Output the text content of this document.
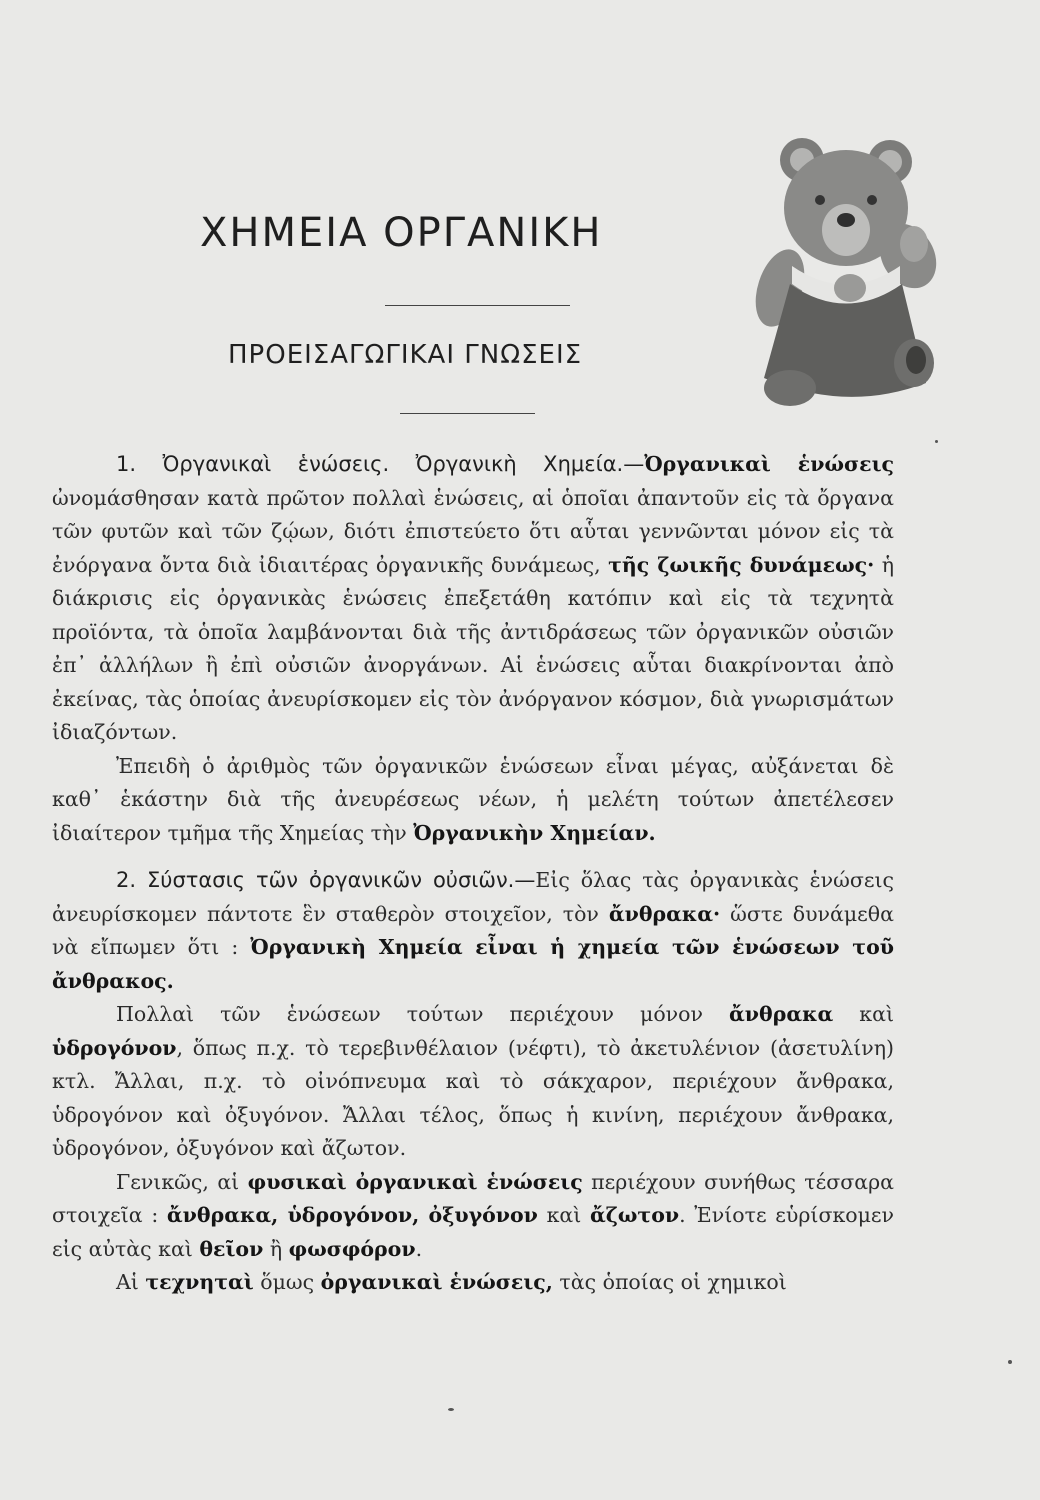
ΧΗΜΕΙΑ ΟΡΓΑΝΙΚΗ
ΠΡΟΕΙΣΑΓΩΓΙΚΑΙ ΓΝΩΣΕΙΣ

1. Ὀργανικαὶ ἑνώσεις. Ὀργανικὴ Χημεία.—Ὀργανικαὶ ἑνώσεις ὠνομάσθησαν κατὰ πρῶτον πολλαὶ ἑνώσεις, αἱ ὁποῖαι ἀπαντοῦν εἰς τὰ ὄργανα τῶν φυτῶν καὶ τῶν ζῴων, διότι ἐπιστεύετο ὅτι αὗται γεννῶνται μόνον εἰς τὰ ἐνόργανα ὄντα διὰ ἰδιαιτέρας ὀργανικῆς δυνάμεως, τῆς ζωικῆς δυνάμεως· ἡ διάκρισις εἰς ὀργανικὰς ἑνώσεις ἐπεξετάθη κατόπιν καὶ εἰς τὰ τεχνητὰ προϊόντα, τὰ ὁποῖα λαμβάνονται διὰ τῆς ἀντιδράσεως τῶν ὀργανικῶν οὐσιῶν ἐπ᾽ ἀλλήλων ἢ ἐπὶ οὐσιῶν ἀνοργάνων. Αἱ ἑνώσεις αὗται διακρίνονται ἀπὸ ἐκείνας, τὰς ὁποίας ἀνευρίσκομεν εἰς τὸν ἀνόργανον κόσμον, διὰ γνωρισμάτων ἰδιαζόντων.

Ἐπειδὴ ὁ ἀριθμὸς τῶν ὀργανικῶν ἑνώσεων εἶναι μέγας, αὐξάνεται δὲ καθ᾽ ἑκάστην διὰ τῆς ἀνευρέσεως νέων, ἡ μελέτη τούτων ἀπετέλεσεν ἰδιαίτερον τμῆμα τῆς Χημείας τὴν Ὀργανικὴν Χημείαν.

2. Σύστασις τῶν ὀργανικῶν οὐσιῶν.—Εἰς ὅλας τὰς ὀργανικὰς ἑνώσεις ἀνευρίσκομεν πάντοτε ἓν σταθερὸν στοιχεῖον, τὸν ἄνθρακα· ὥστε δυνάμεθα νὰ εἴπωμεν ὅτι : Ὀργανικὴ Χημεία εἶναι ἡ χημεία τῶν ἑνώσεων τοῦ ἄνθρακος.

Πολλαὶ τῶν ἑνώσεων τούτων περιέχουν μόνον ἄνθρακα καὶ ὑδρογόνον, ὅπως π.χ. τὸ τερεβινθέλαιον (νέφτι), τὸ ἀκετυλένιον (ἀσετυλίνη) κτλ. Ἄλλαι, π.χ. τὸ οἰνόπνευμα καὶ τὸ σάκχαρον, περιέχουν ἄνθρακα, ὑδρογόνον καὶ ὀξυγόνον. Ἄλλαι τέλος, ὅπως ἡ κινίνη, περιέχουν ἄνθρακα, ὑδρογόνον, ὀξυγόνον καὶ ἄζωτον.

Γενικῶς, αἱ φυσικαὶ ὀργανικαὶ ἑνώσεις περιέχουν συνήθως τέσσαρα στοιχεῖα : ἄνθρακα, ὑδρογόνον, ὀξυγόνον καὶ ἄζωτον. Ἐνίοτε εὑρίσκομεν εἰς αὐτὰς καὶ θεῖον ἢ φωσφόρον.

Αἱ τεχνηταὶ ὅμως ὀργανικαὶ ἑνώσεις, τὰς ὁποίας οἱ χημικοὶ
